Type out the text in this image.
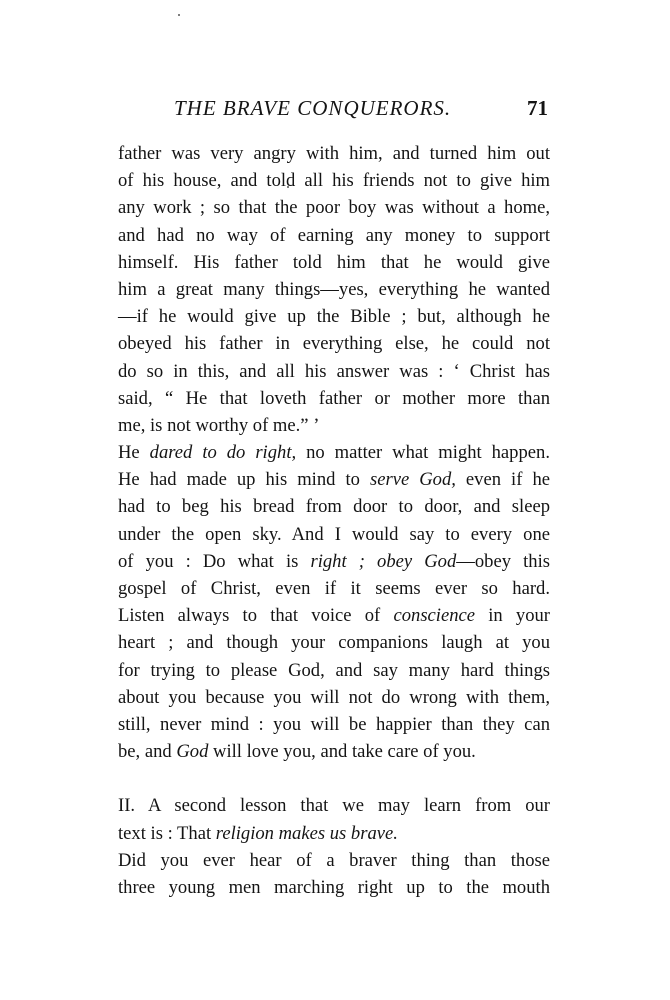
THE BRAVE CONQUERORS.	71
father was very angry with him, and turned him out
of his house, and told all his friends not to give him
any work ; so that the poor boy was without a home,
and had no way of earning any money to support
himself. His father told him that he would give
him a great many things—yes, everything he wanted
—if he would give up the Bible ; but, although he
obeyed his father in everything else, he could not
do so in this, and all his answer was : ‘ Christ has
said, “ He that loveth father or mother more than
me, is not worthy of me.” ’
He dared to do right, no matter what might happen.
He had made up his mind to serve God, even if he
had to beg his bread from door to door, and sleep
under the open sky. And I would say to every one
of you : Do what is right ; obey God—obey this
gospel of Christ, even if it seems ever so hard.
Listen always to that voice of conscience in your
heart ; and though your companions laugh at you
for trying to please God, and say many hard things
about you because you will not do wrong with them,
still, never mind : you will be happier than they can
be, and God will love you, and take care of you.
II. A second lesson that we may learn from our
text is : That religion makes us brave.
Did you ever hear of a braver thing than those
three young men marching right up to the mouth
